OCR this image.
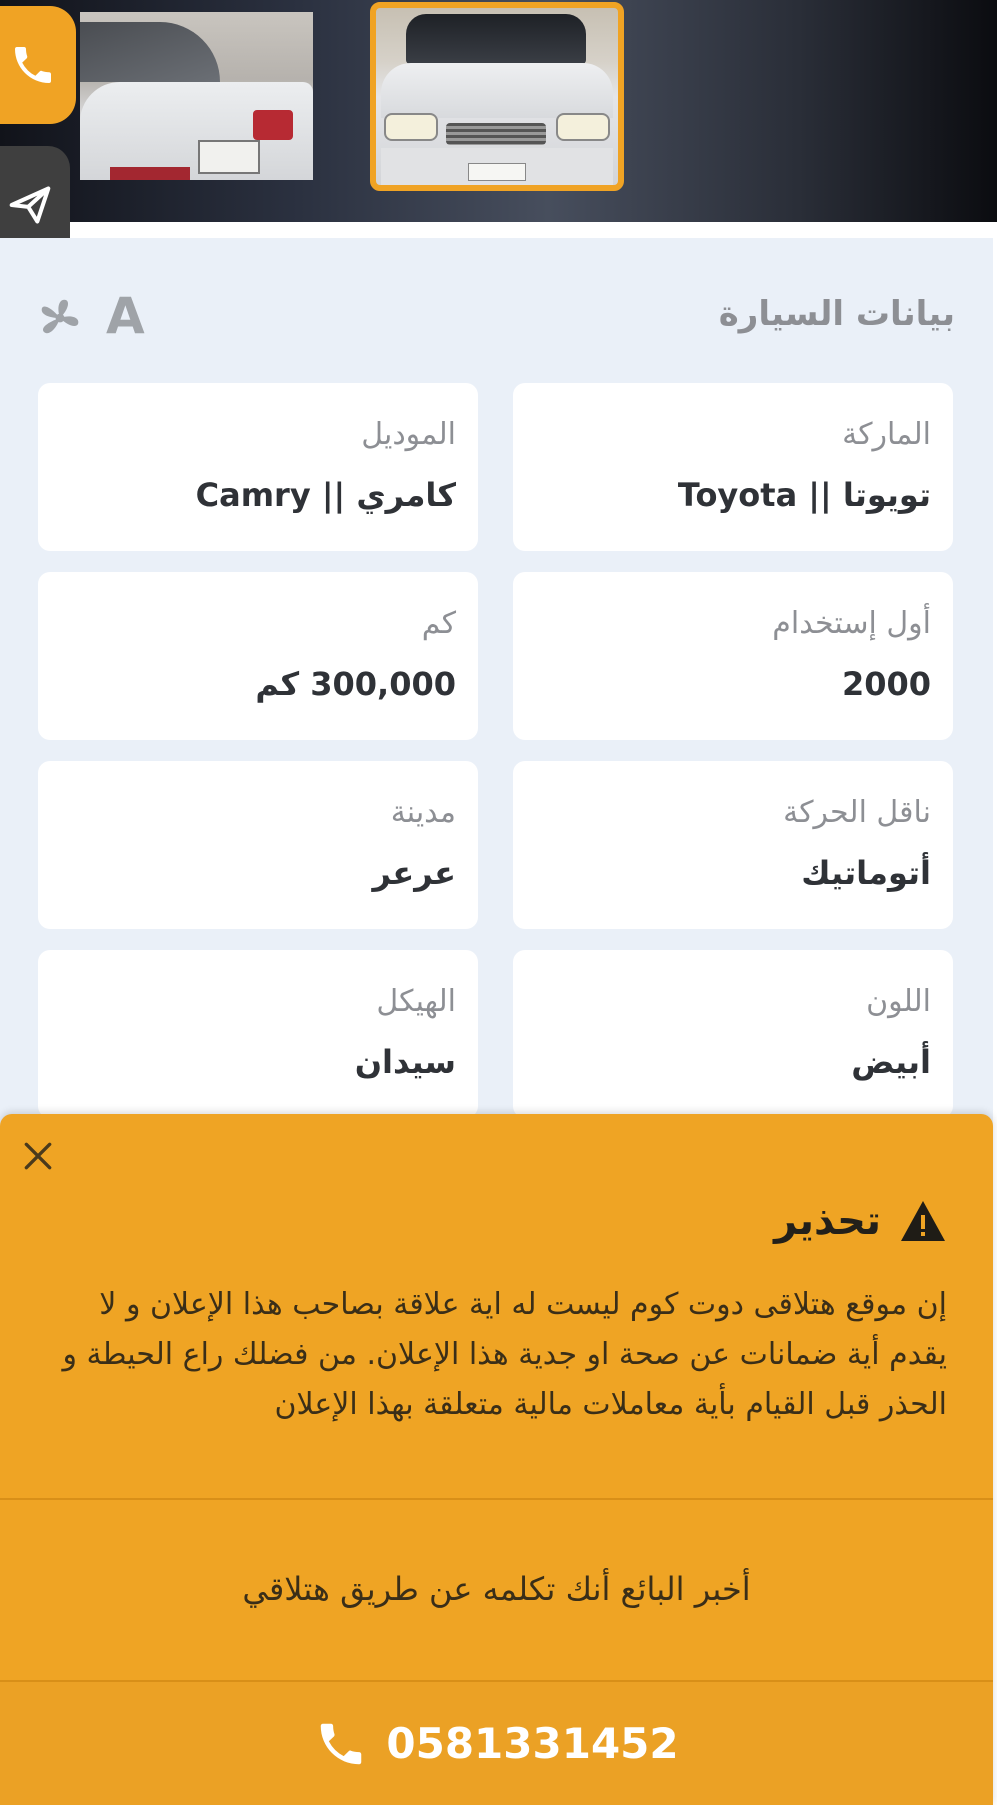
بيانات السيارة
A
الماركة
تويوتا || Toyota
الموديل
كامري || Camry
أول إستخدام
2000
كم
300,000 كم
ناقل الحركة
أتوماتيك
مدينة
عرعر
اللون
أبيض
الهيكل
سيدان
تحذير
إن موقع هتلاقى دوت كوم ليست له اية علاقة بصاحب هذا الإعلان و لا يقدم أية ضمانات عن صحة او جدية هذا الإعلان. من فضلك راع الحيطة و الحذر قبل القيام بأية معاملات مالية متعلقة بهذا الإعلان
أخبر البائع أنك تكلمه عن طريق هتلاقي
0581331452
